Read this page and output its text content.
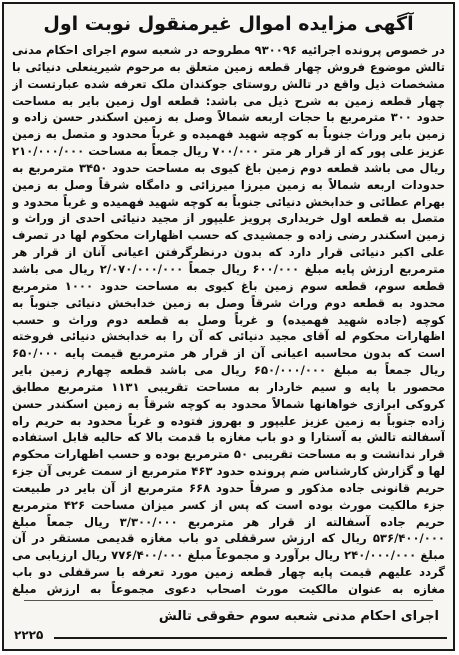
آگهی مزایده اموال غیرمنقول نوبت اول
در خصوص پرونده اجرائیه ۹۳۰۰۹۶ مطروحه در شعبه سوم اجرای احکام مدنی تالش موضوع فروش چهار قطعه زمین متعلق به مرحوم شیرینعلی دنیائی با مشخصات ذیل واقع در تالش روستای جوکندان ملک تعرفه شده عبارتست از چهار قطعه زمین به شرح ذیل می باشد: قطعه اول زمین بایر به مساحت حدود ۳۰۰ مترمربع با حجات اربعه شمالاً وصل به زمین اسکندر حسن زاده و زمین بایر وراث جنوباً به کوچه شهید فهمیده و غرباً محدود و متصل به زمین عزیز علی پور که از قرار هر متر ۷۰۰/۰۰۰ ریال جمعاً به مساحت ۲۱۰/۰۰۰/۰۰۰ ریال می باشد قطعه دوم زمین باغ کیوی به مساحت حدود ۳۴۵۰ مترمربع به حدودات اربعه شمالاً به زمین میرزا میرزائی و دامگاه شرقاً وصل به زمین بهرام عطائی و خدابخش دنیائی جنوباً به کوچه شهید فهمیده و غرباً محدود و متصل به قطعه اول خریداری پرویز علیپور از مجید دنیائی احدی از وراث و زمین اسکندر رضی زاده و جمشیدی که حسب اظهارات محکوم لها در تصرف علی اکبر دنیائی قرار دارد که بدون درنظرگرفتن اعیانی آنان از قرار هر مترمربع ارزش پایه مبلغ ۶۰۰/۰۰۰ ریال جمعاً ۲/۰۷۰/۰۰۰/۰۰۰ ریال می باشد قطعه سوم، قطعه سوم زمین باغ کیوی به مساحت حدود ۱۰۰۰ مترمربع محدود به قطعه دوم وراث شرقاً وصل به زمین خدابخش دنیائی جنوباً به کوچه (جاده شهید فهمیده) و غرباً وصل به قطعه دوم وراث و حسب اظهارات محکوم له آقای مجید دنیائی که آن را به خدابخش دنیائی فروخته است که بدون محاسبه اعیانی آن از قرار هر مترمربع قیمت پایه ۶۵۰/۰۰۰ ریال جمعاً به مبلغ ۶۵۰/۰۰۰/۰۰۰ ریال می باشد قطعه چهارم زمین بایر محصور با پایه و سیم خاردار به مساحت تقریبی ۱۱۳۱ مترمربع مطابق کروکی ابرازی خواهانها شمالاً محدود به کوچه شرقاً به زمین اسکندر حسن زاده جنوباً به زمین عزیز علیپور و بهروز فتوده و غرباً محدود به حریم راه آسفالته تالش به آستارا و دو باب مغازه با قدمت بالا که حالیه قابل استفاده قرار ندانشت و به مساحت تقریبی ۵۰ مترمربع بوده و حسب اظهارات محکوم لها و گزارش کارشناس ضم پرونده حدود ۴۶۳ مترمربع از سمت غربی آن جزء حریم قانونی جاده مذکور و صرفاً حدود ۶۶۸ مترمربع از آن بایر در طبیعت جزء مالکیت مورث بوده است که پس از کسر میزان مساحت ۴۲۶ مترمربع حریم جاده آسفالته از قرار هر مترمربع ۳/۳۰۰/۰۰۰ ریال جمعاً مبلغ ۵۳۶/۴۰۰/۰۰۰ ریال که ارزش سرقفلی دو باب مغازه قدیمی مستقر در آن مبلغ ۲۴۰/۰۰۰/۰۰۰ ریال برآورد و مجموعاً مبلغ ۷۷۶/۴۰۰/۰۰۰ ریال ارزیابی می گردد علیهم قیمت پایه چهار قطعه زمین مورد تعرفه با سرقفلی دو باب مغازه به عنوان مالکیت مورث اصحاب دعوی مجموعاً به ارزش مبلغ
اجرای احکام مدنی شعبه سوم حقوقی تالش
۲۲۲۵
